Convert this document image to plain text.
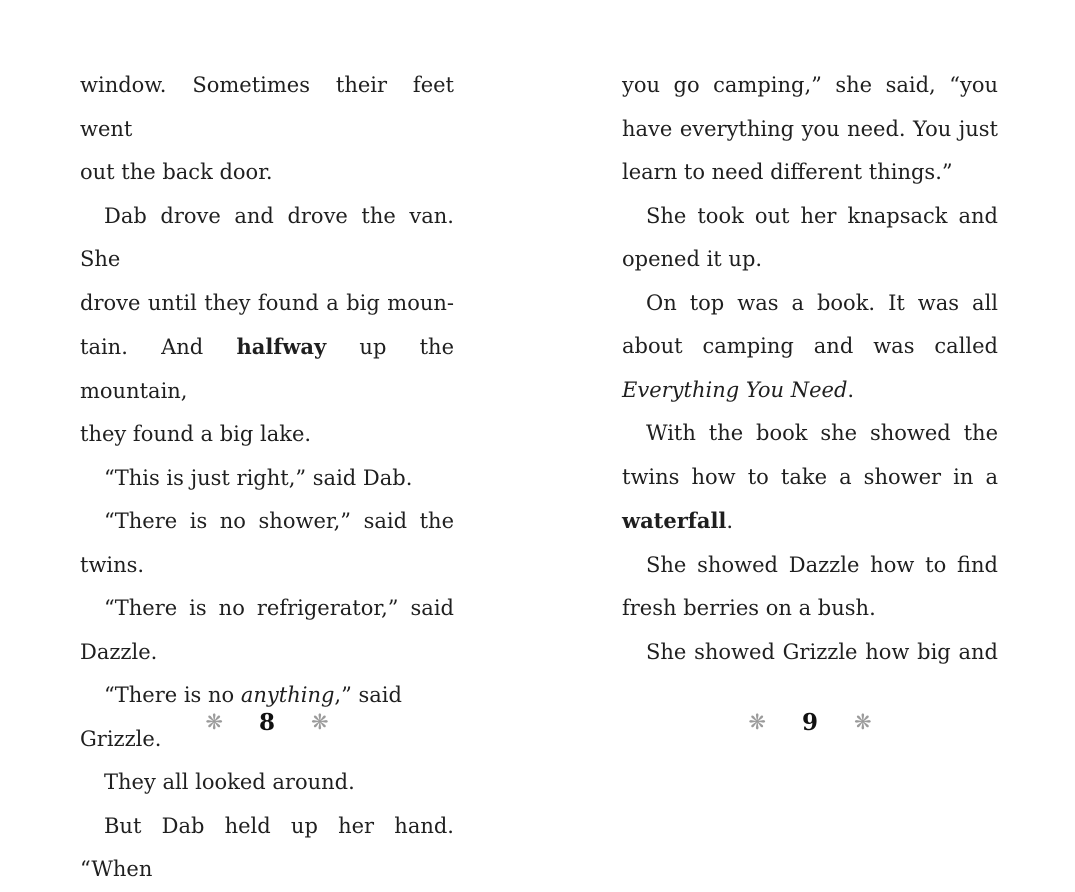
window. Sometimes their feet went
out the back door.
Dab drove and drove the van. She
drove until they found a big moun-
tain. And halfway up the mountain,
they found a big lake.
“This is just right,” said Dab.
“There is no shower,” said the
twins.
“There is no refrigerator,” said
Dazzle.
“There is no anything,” said Grizzle.
They all looked around.
But Dab held up her hand. “When
❋ 8 ❋
you go camping,” she said, “you
have everything you need. You just
learn to need different things.”
She took out her knapsack and
opened it up.
On top was a book. It was all
about camping and was called
Everything You Need.
With the book she showed the
twins how to take a shower in a
waterfall.
She showed Dazzle how to find
fresh berries on a bush.
She showed Grizzle how big and
❋ 9 ❋
